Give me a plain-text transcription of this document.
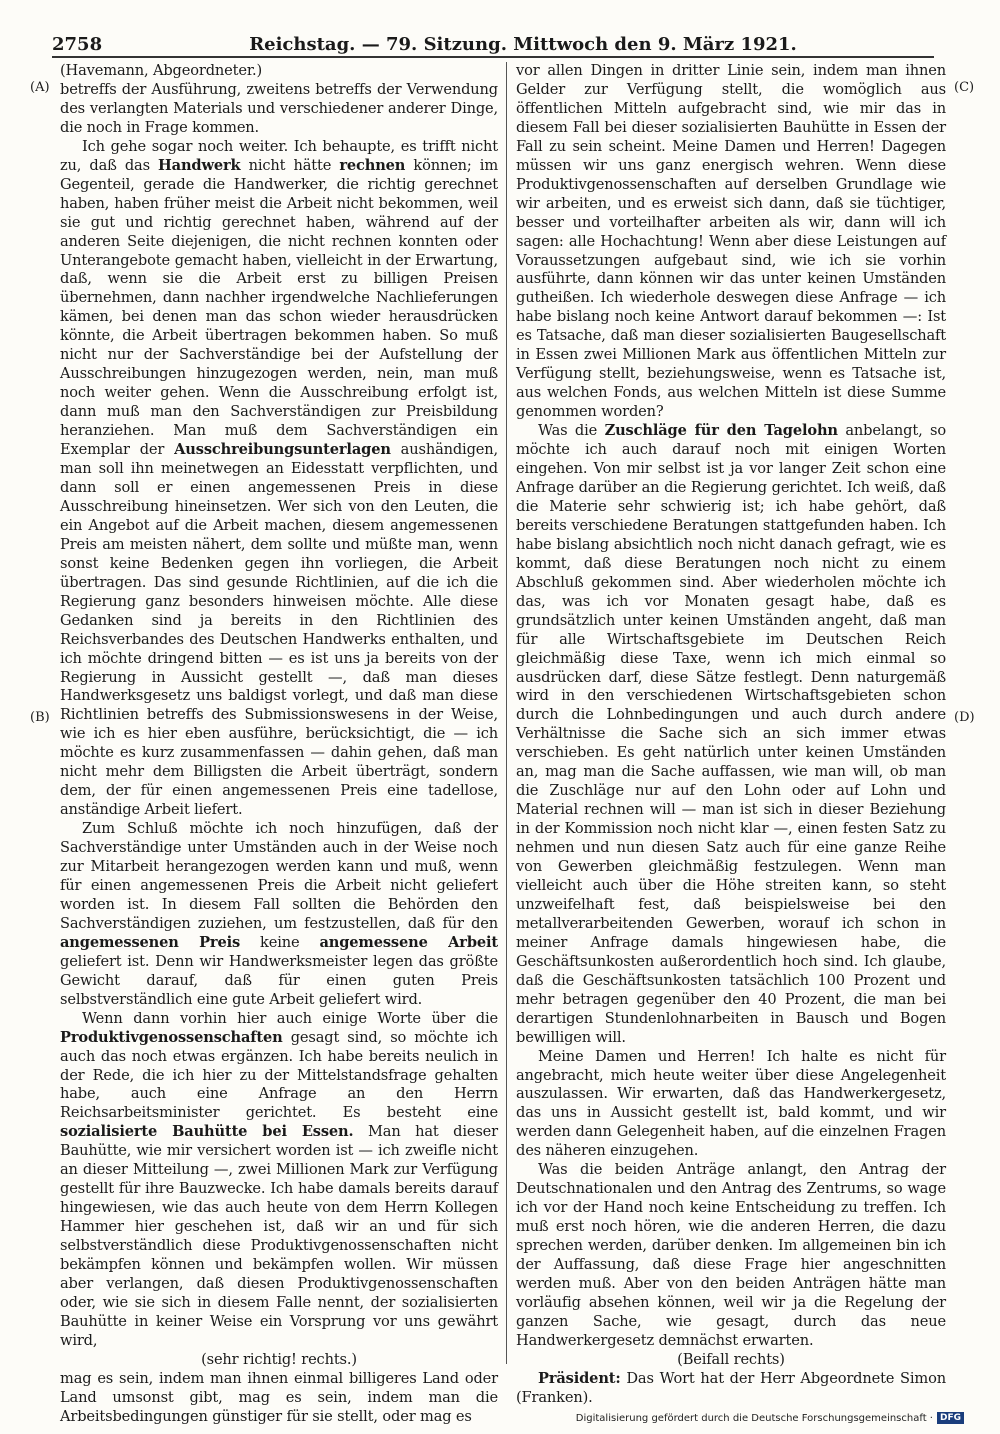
2758	Reichstag. — 79. Sitzung. Mittwoch den 9. März 1921.
(A)
(B)
(C)
(D)

(Havemann, Abgeordneter.)

betreffs der Ausführung, zweitens betreffs der Verwendung des verlangten Materials und verschiedener anderer Dinge, die noch in Frage kommen.

Ich gehe sogar noch weiter. Ich behaupte, es trifft nicht zu, daß das Handwerk nicht hätte rechnen können; im Gegenteil, gerade die Handwerker, die richtig gerechnet haben, haben früher meist die Arbeit nicht bekommen, weil sie gut und richtig gerechnet haben, während auf der anderen Seite diejenigen, die nicht rechnen konnten oder Unterangebote gemacht haben, vielleicht in der Erwartung, daß, wenn sie die Arbeit erst zu billigen Preisen übernehmen, dann nachher irgendwelche Nachlieferungen kämen, bei denen man das schon wieder herausdrücken könnte, die Arbeit übertragen bekommen haben. So muß nicht nur der Sachverständige bei der Aufstellung der Ausschreibungen hinzugezogen werden, nein, man muß noch weiter gehen. Wenn die Ausschreibung erfolgt ist, dann muß man den Sachverständigen zur Preisbildung heranziehen. Man muß dem Sachverständigen ein Exemplar der Ausschreibungsunterlagen aushändigen, man soll ihn meinetwegen an Eidesstatt verpflichten, und dann soll er einen angemessenen Preis in diese Ausschreibung hineinsetzen. Wer sich von den Leuten, die ein Angebot auf die Arbeit machen, diesem angemessenen Preis am meisten nähert, dem sollte und müßte man, wenn sonst keine Bedenken gegen ihn vorliegen, die Arbeit übertragen. Das sind gesunde Richtlinien, auf die ich die Regierung ganz besonders hinweisen möchte. Alle diese Gedanken sind ja bereits in den Richtlinien des Reichsverbandes des Deutschen Handwerks enthalten, und ich möchte dringend bitten — es ist uns ja bereits von der Regierung in Aussicht gestellt —, daß man dieses Handwerksgesetz uns baldigst vorlegt, und daß man diese Richtlinien betreffs des Submissionswesens in der Weise, wie ich es hier eben ausführe, berücksichtigt, die — ich möchte es kurz zusammenfassen — dahin gehen, daß man nicht mehr dem Billigsten die Arbeit überträgt, sondern dem, der für einen angemessenen Preis eine tadellose, anständige Arbeit liefert.

Zum Schluß möchte ich noch hinzufügen, daß der Sachverständige unter Umständen auch in der Weise noch zur Mitarbeit herangezogen werden kann und muß, wenn für einen angemessenen Preis die Arbeit nicht geliefert worden ist. In diesem Fall sollten die Behörden den Sachverständigen zuziehen, um festzustellen, daß für den angemessenen Preis keine angemessene Arbeit geliefert ist. Denn wir Handwerksmeister legen das größte Gewicht darauf, daß für einen guten Preis selbstverständlich eine gute Arbeit geliefert wird.

Wenn dann vorhin hier auch einige Worte über die Produktivgenossenschaften gesagt sind, so möchte ich auch das noch etwas ergänzen. Ich habe bereits neulich in der Rede, die ich hier zu der Mittelstandsfrage gehalten habe, auch eine Anfrage an den Herrn Reichsarbeitsminister gerichtet. Es besteht eine sozialisierte Bauhütte bei Essen. Man hat dieser Bauhütte, wie mir versichert worden ist — ich zweifle nicht an dieser Mitteilung —, zwei Millionen Mark zur Verfügung gestellt für ihre Bauzwecke. Ich habe damals bereits darauf hingewiesen, wie das auch heute von dem Herrn Kollegen Hammer hier geschehen ist, daß wir an und für sich selbstverständlich diese Produktivgenossenschaften nicht bekämpfen können und bekämpfen wollen. Wir müssen aber verlangen, daß diesen Produktivgenossenschaften oder, wie sie sich in diesem Falle nennt, der sozialisierten Bauhütte in keiner Weise ein Vorsprung vor uns gewährt wird,

(sehr richtig! rechts.)

mag es sein, indem man ihnen einmal billigeres Land oder Land umsonst gibt, mag es sein, indem man die Arbeitsbedingungen günstiger für sie stellt, oder mag es

vor allen Dingen in dritter Linie sein, indem man ihnen Gelder zur Verfügung stellt, die womöglich aus öffentlichen Mitteln aufgebracht sind, wie mir das in diesem Fall bei dieser sozialisierten Bauhütte in Essen der Fall zu sein scheint. Meine Damen und Herren! Dagegen müssen wir uns ganz energisch wehren. Wenn diese Produktivgenossenschaften auf derselben Grundlage wie wir arbeiten, und es erweist sich dann, daß sie tüchtiger, besser und vorteilhafter arbeiten als wir, dann will ich sagen: alle Hochachtung! Wenn aber diese Leistungen auf Voraussetzungen aufgebaut sind, wie ich sie vorhin ausführte, dann können wir das unter keinen Umständen gutheißen. Ich wiederhole deswegen diese Anfrage — ich habe bislang noch keine Antwort darauf bekommen —: Ist es Tatsache, daß man dieser sozialisierten Baugesellschaft in Essen zwei Millionen Mark aus öffentlichen Mitteln zur Verfügung stellt, beziehungsweise, wenn es Tatsache ist, aus welchen Fonds, aus welchen Mitteln ist diese Summe genommen worden?

Was die Zuschläge für den Tagelohn anbelangt, so möchte ich auch darauf noch mit einigen Worten eingehen. Von mir selbst ist ja vor langer Zeit schon eine Anfrage darüber an die Regierung gerichtet. Ich weiß, daß die Materie sehr schwierig ist; ich habe gehört, daß bereits verschiedene Beratungen stattgefunden haben. Ich habe bislang absichtlich noch nicht danach gefragt, wie es kommt, daß diese Beratungen noch nicht zu einem Abschluß gekommen sind. Aber wiederholen möchte ich das, was ich vor Monaten gesagt habe, daß es grundsätzlich unter keinen Umständen angeht, daß man für alle Wirtschaftsgebiete im Deutschen Reich gleichmäßig diese Taxe, wenn ich mich einmal so ausdrücken darf, diese Sätze festlegt. Denn naturgemäß wird in den verschiedenen Wirtschaftsgebieten schon durch die Lohnbedingungen und auch durch andere Verhältnisse die Sache sich an sich immer etwas verschieben. Es geht natürlich unter keinen Umständen an, mag man die Sache auffassen, wie man will, ob man die Zuschläge nur auf den Lohn oder auf Lohn und Material rechnen will — man ist sich in dieser Beziehung in der Kommission noch nicht klar —, einen festen Satz zu nehmen und nun diesen Satz auch für eine ganze Reihe von Gewerben gleichmäßig festzulegen. Wenn man vielleicht auch über die Höhe streiten kann, so steht unzweifelhaft fest, daß beispielsweise bei den metallverarbeitenden Gewerben, worauf ich schon in meiner Anfrage damals hingewiesen habe, die Geschäftsunkosten außerordentlich hoch sind. Ich glaube, daß die Geschäftsunkosten tatsächlich 100 Prozent und mehr betragen gegenüber den 40 Prozent, die man bei derartigen Stundenlohnarbeiten in Bausch und Bogen bewilligen will.

Meine Damen und Herren! Ich halte es nicht für angebracht, mich heute weiter über diese Angelegenheit auszulassen. Wir erwarten, daß das Handwerkergesetz, das uns in Aussicht gestellt ist, bald kommt, und wir werden dann Gelegenheit haben, auf die einzelnen Fragen des näheren einzugehen.

Was die beiden Anträge anlangt, den Antrag der Deutschnationalen und den Antrag des Zentrums, so wage ich vor der Hand noch keine Entscheidung zu treffen. Ich muß erst noch hören, wie die anderen Herren, die dazu sprechen werden, darüber denken. Im allgemeinen bin ich der Auffassung, daß diese Frage hier angeschnitten werden muß. Aber von den beiden Anträgen hätte man vorläufig absehen können, weil wir ja die Regelung der ganzen Sache, wie gesagt, durch das neue Handwerkergesetz demnächst erwarten.

(Beifall rechts)

Präsident: Das Wort hat der Herr Abgeordnete Simon (Franken).

Digitalisierung gefördert durch die Deutsche Forschungsgemeinschaft · DFG
